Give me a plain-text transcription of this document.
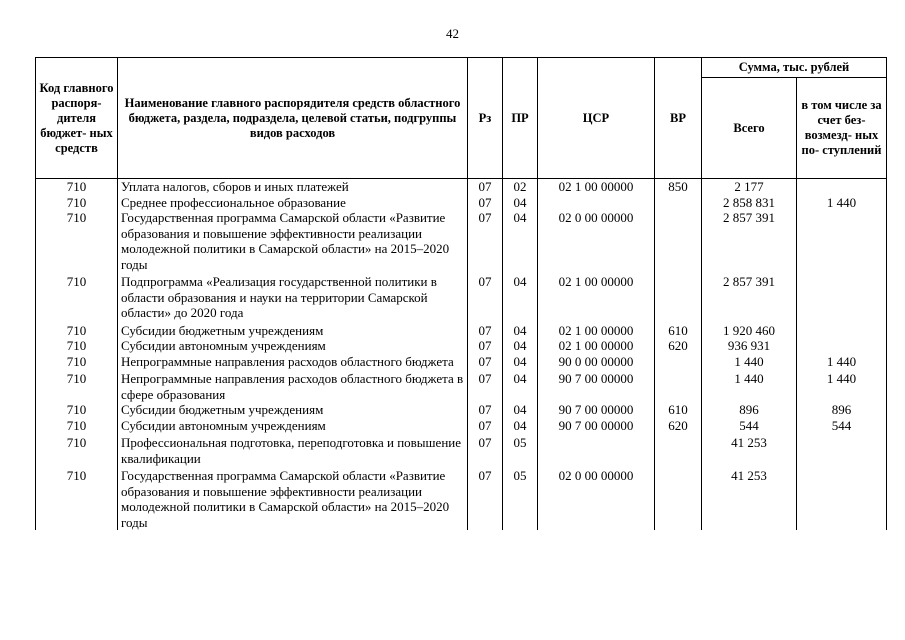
42
Код главного распоря- дителя бюджет- ных средств	Наименование главного распорядителя средств областного бюджета, раздела, подраздела, целевой статьи, подгруппы видов расходов	Рз	ПР	ЦСР	ВР	Сумма, тыс. рублей	
						Всего	в том числе за счет без- возмезд- ных по- ступлений
710	Уплата налогов, сборов и иных платежей	07	02	02 1 00 00000	850	2 177	
710	Среднее профессиональное образование	07	04			2 858 831	1 440
710	Государственная программа Самарской области «Развитие образования и повышение эффективности реализации молодежной политики в Самарской области» на 2015–2020 годы	07	04	02 0 00 00000		2 857 391	
710	Подпрограмма «Реализация государственной политики в области образования и науки на территории Самарской области» до 2020 года	07	04	02 1 00 00000		2 857 391	
710	Субсидии бюджетным учреждениям	07	04	02 1 00 00000	610	1 920 460	
710	Субсидии автономным учреждениям	07	04	02 1 00 00000	620	936 931	
710	Непрограммные направления расходов областного бюджета	07	04	90 0 00 00000		1 440	1 440
710	Непрограммные направления расходов областного бюджета в сфере образования	07	04	90 7 00 00000		1 440	1 440
710	Субсидии бюджетным учреждениям	07	04	90 7 00 00000	610	896	896
710	Субсидии автономным учреждениям	07	04	90 7 00 00000	620	544	544
710	Профессиональная подготовка, переподготовка и повышение квалификации	07	05			41 253	
710	Государственная программа Самарской области «Развитие образования и повышение эффективности реализации молодежной политики в Самарской области» на 2015–2020 годы	07	05	02 0 00 00000		41 253	
